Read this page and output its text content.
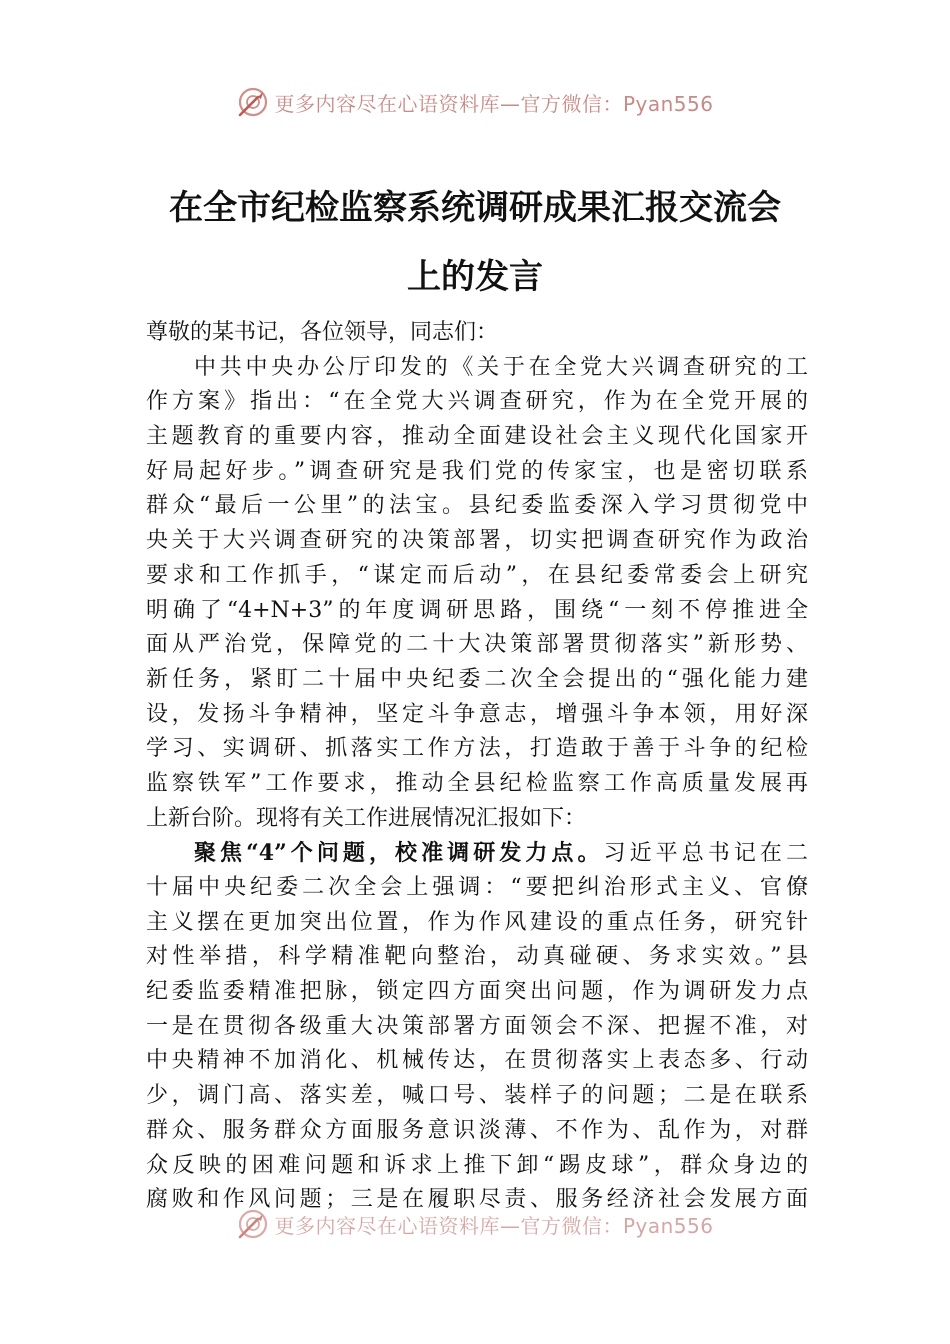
更多内容尽在心语资料库—官方微信：Pyan556
在全市纪检监察系统调研成果汇报交流会
上的发言
尊敬的某书记，各位领导，同志们：
中共中央办公厅印发的《关于在全党大兴调查研究的工
作方案》指出：“在全党大兴调查研究，作为在全党开展的
主题教育的重要内容，推动全面建设社会主义现代化国家开
好局起好步。”调查研究是我们党的传家宝，也是密切联系
群众“最后一公里”的法宝。县纪委监委深入学习贯彻党中
央关于大兴调查研究的决策部署，切实把调查研究作为政治
要求和工作抓手，“谋定而后动”，在县纪委常委会上研究
明确了“4+N+3”的年度调研思路，围绕“一刻不停推进全
面从严治党，保障党的二十大决策部署贯彻落实”新形势、
新任务，紧盯二十届中央纪委二次全会提出的“强化能力建
设，发扬斗争精神，坚定斗争意志，增强斗争本领，用好深
学习、实调研、抓落实工作方法，打造敢于善于斗争的纪检
监察铁军”工作要求，推动全县纪检监察工作高质量发展再
上新台阶。现将有关工作进展情况汇报如下：
聚焦“4”个问题，校准调研发力点。习近平总书记在二
十届中央纪委二次全会上强调：“要把纠治形式主义、官僚
主义摆在更加突出位置，作为作风建设的重点任务，研究针
对性举措，科学精准靶向整治，动真碰硬、务求实效。”县
纪委监委精准把脉，锁定四方面突出问题，作为调研发力点
一是在贯彻各级重大决策部署方面领会不深、把握不准，对
中央精神不加消化、机械传达，在贯彻落实上表态多、行动
少，调门高、落实差，喊口号、装样子的问题；二是在联系
群众、服务群众方面服务意识淡薄、不作为、乱作为，对群
众反映的困难问题和诉求上推下卸“踢皮球”，群众身边的
腐败和作风问题；三是在履职尽责、服务经济社会发展方面
更多内容尽在心语资料库—官方微信：Pyan556
